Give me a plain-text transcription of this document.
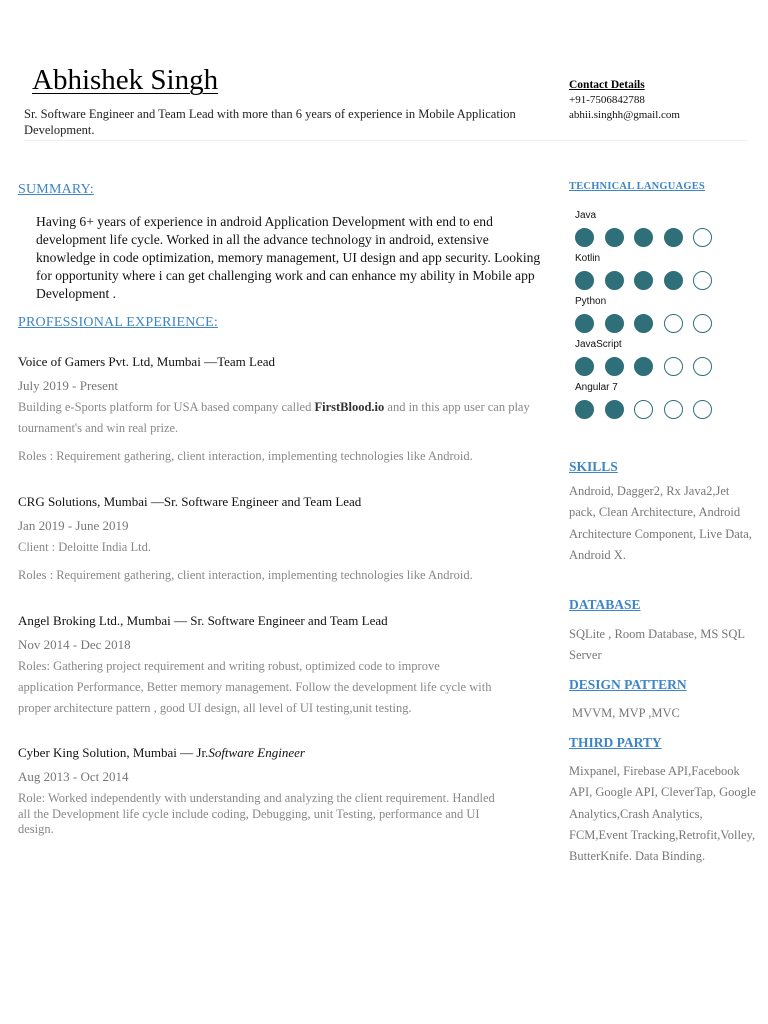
Abhishek Singh
Sr. Software Engineer and Team Lead with more than 6 years of experience in Mobile Application Development.
Contact Details
+91-7506842788
abhii.singhh@gmail.com
SUMMARY:
Having 6+ years of experience in android Application Development with end to end development life cycle. Worked in all the advance technology in android, extensive knowledge in code optimization, memory management, UI design and app security. Looking for opportunity where i can get challenging work and can enhance my ability in Mobile app Development .
PROFESSIONAL EXPERIENCE:
Voice of Gamers Pvt. Ltd, Mumbai —Team Lead
July 2019 - Present
Building e-Sports platform for USA based company called FirstBlood.io and in this app user can play tournament's and win real prize.
Roles : Requirement gathering, client interaction, implementing technologies like Android.
CRG Solutions, Mumbai —Sr. Software Engineer and Team Lead
Jan 2019 - June 2019
Client : Deloitte India Ltd.
Roles : Requirement gathering, client interaction, implementing technologies like Android.
Angel Broking Ltd., Mumbai — Sr. Software Engineer and Team Lead
Nov 2014 - Dec 2018
Roles: Gathering project requirement and writing robust, optimized code to improve application Performance, Better memory management. Follow the development life cycle with proper architecture pattern , good UI design, all level of UI testing,unit testing.
Cyber King Solution, Mumbai — Jr.Software Engineer
Aug 2013 - Oct 2014
Role: Worked independently with understanding and analyzing the client requirement. Handled all the Development life cycle include coding, Debugging, unit Testing, performance and UI design.
TECHNICAL LANGUAGES
Java
Kotlin
Python
JavaScript
Angular 7
SKILLS
Android, Dagger2, Rx Java2,Jet pack, Clean Architecture, Android Architecture Component, Live Data, Android X.
DATABASE
SQLite , Room Database, MS SQL Server
DESIGN PATTERN
MVVM, MVP ,MVC
THIRD PARTY
Mixpanel, Firebase API,Facebook API, Google API, CleverTap, Google Analytics,Crash Analytics, FCM,Event Tracking,Retrofit,Volley, ButterKnife. Data Binding.
